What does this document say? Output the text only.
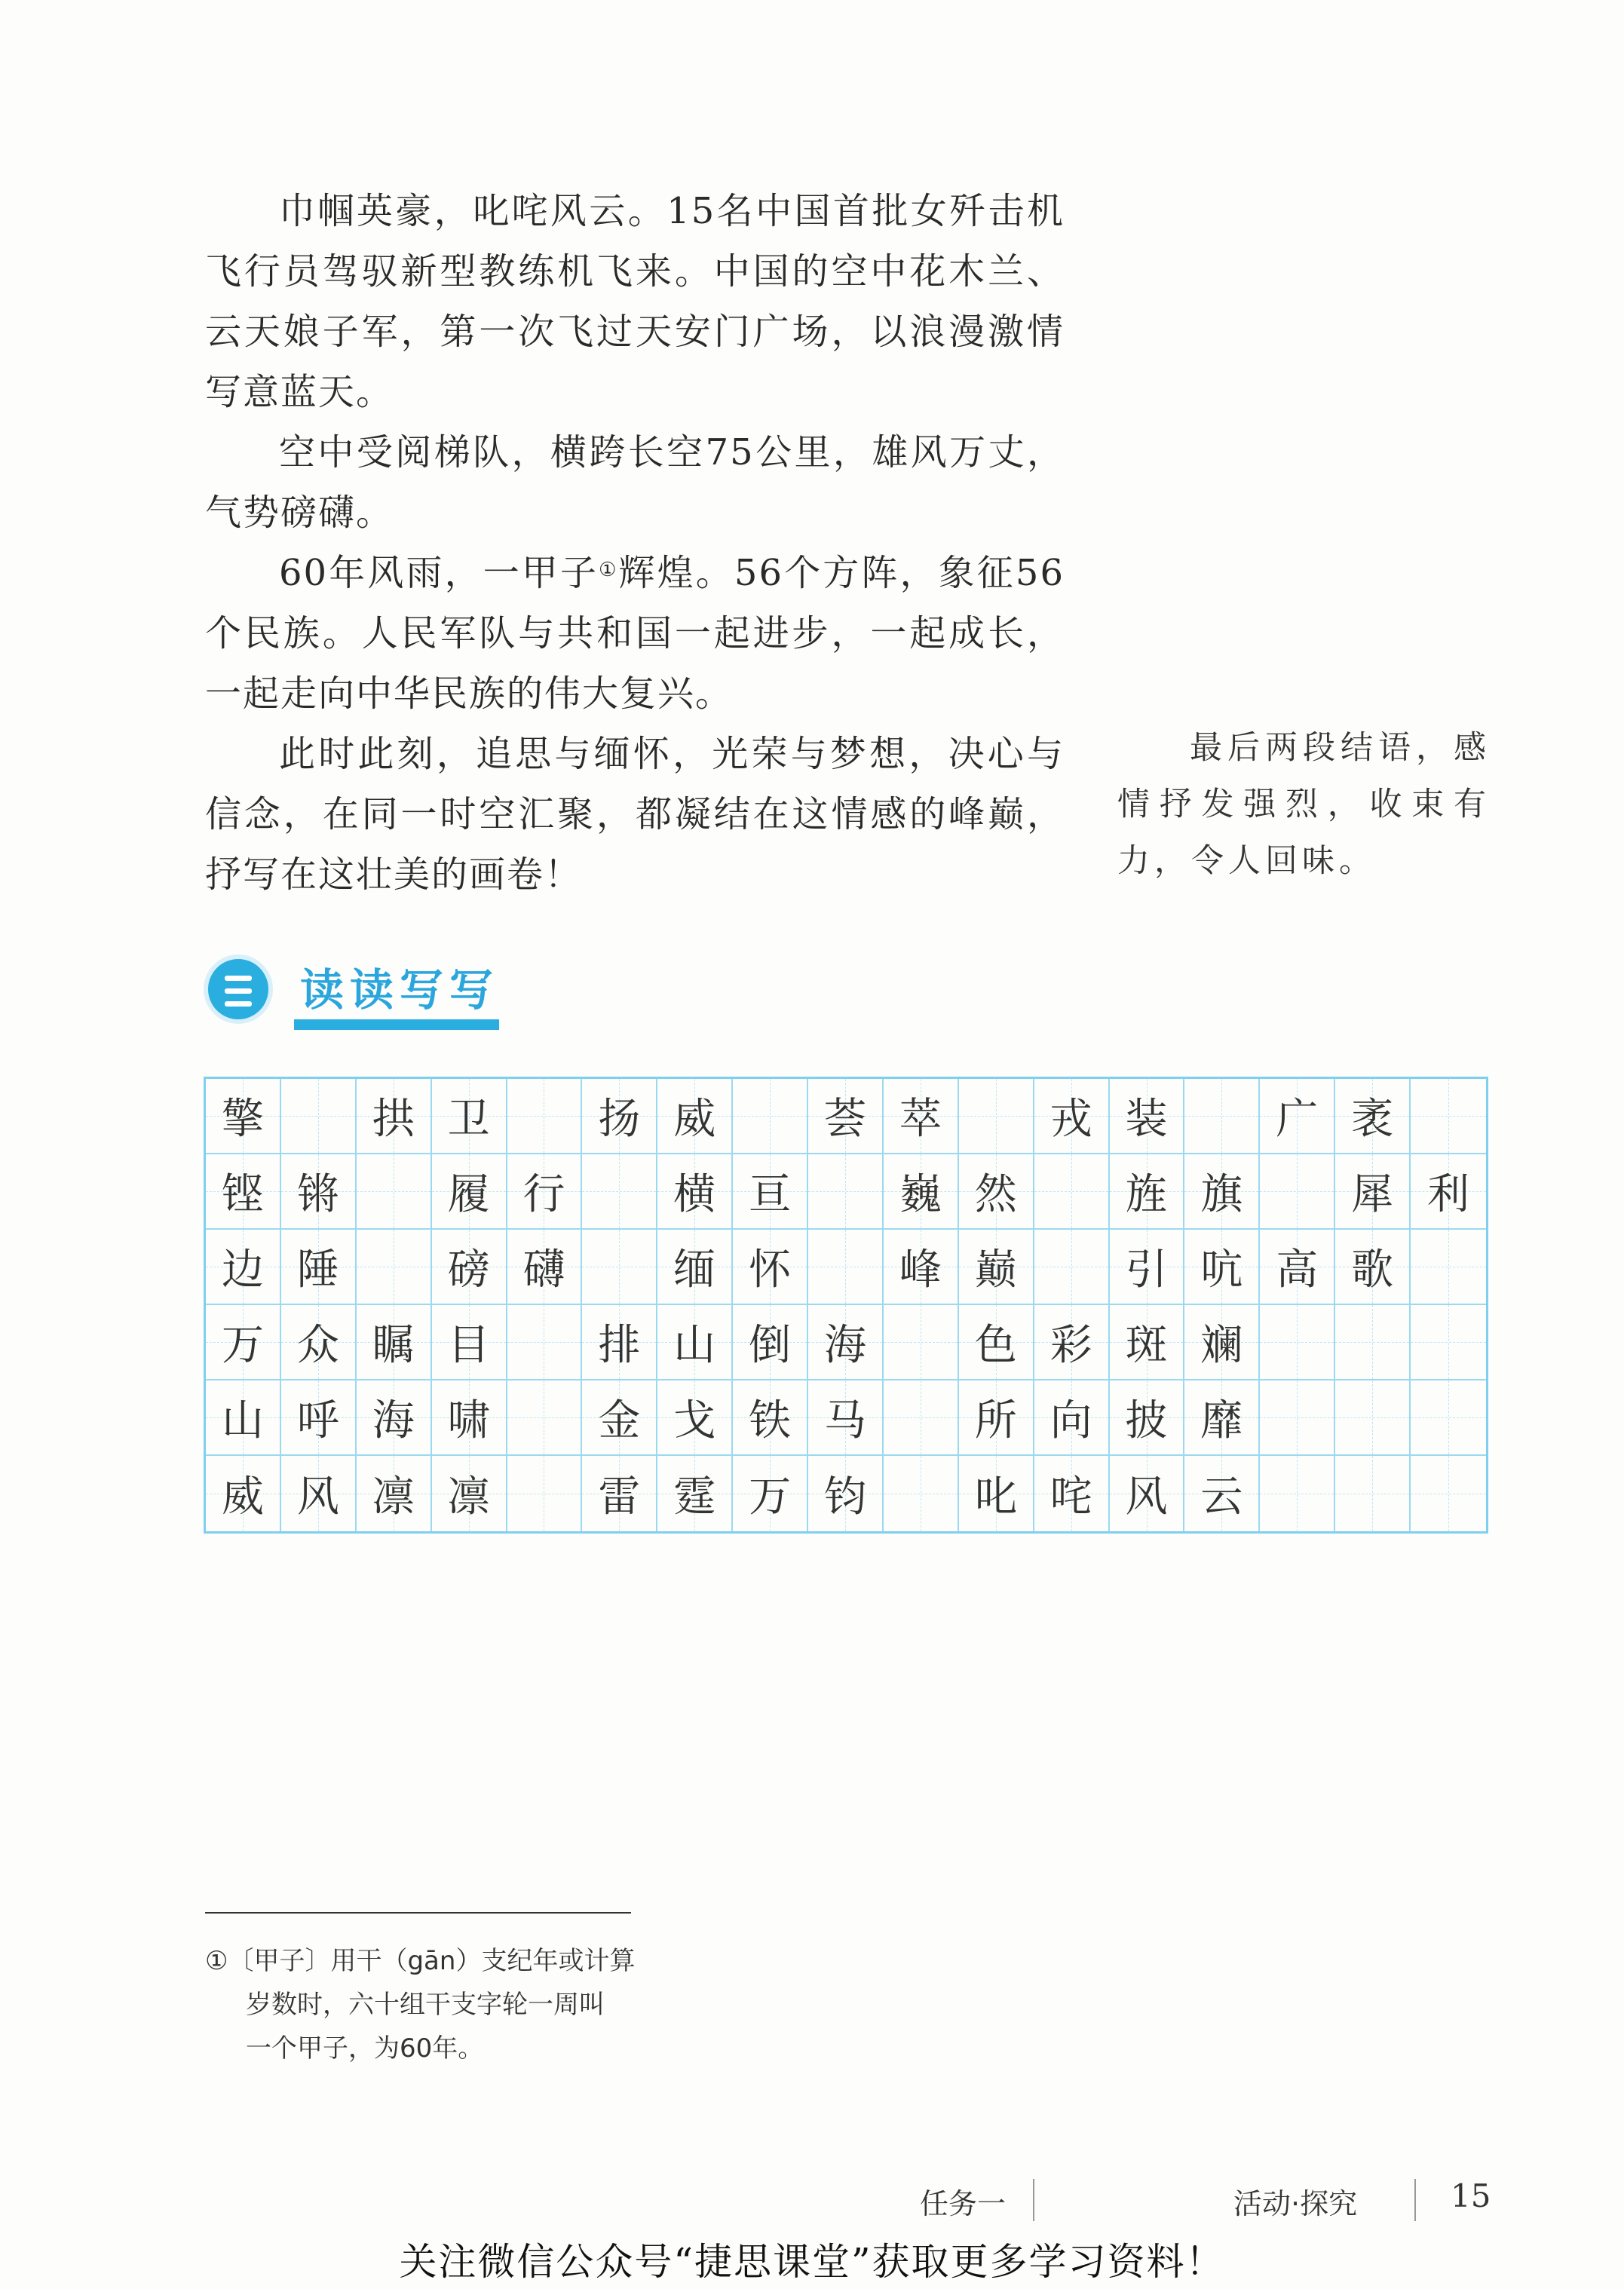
巾帼英豪，叱咤风云。15名中国首批女歼击机飞行员驾驭新型教练机飞来。中国的空中花木兰、云天娘子军，第一次飞过天安门广场，以浪漫激情写意蓝天。

空中受阅梯队，横跨长空75公里，雄风万丈，气势磅礴。

60年风雨，一甲子①辉煌。56个方阵，象征56个民族。人民军队与共和国一起进步，一起成长，一起走向中华民族的伟大复兴。

此时此刻，追思与缅怀，光荣与梦想，决心与信念，在同一时空汇聚，都凝结在这情感的峰巅，抒写在这壮美的画卷！

最后两段结语，感情抒发强烈，收束有力，令人回味。
读读写写
擎	拱 卫	扬 威	荟 萃	戎 装	广 袤
铿 锵	履 行	横 亘	巍 然	旌 旗	犀 利
边 陲	磅 礴	缅 怀	峰 巅	引 吭 高 歌
万 众 瞩 目	排 山 倒 海	色 彩 斑 斓
山 呼 海 啸	金 戈 铁 马	所 向 披 靡
威 风 凛 凛	雷 霆 万 钧	叱 咤 风 云
①〔甲子〕用干（gān）支纪年或计算
岁数时，六十组干支字轮一周叫
一个甲子，为60年。
任务一	活动·探究	15
关注微信公众号“捷思课堂”获取更多学习资料！
